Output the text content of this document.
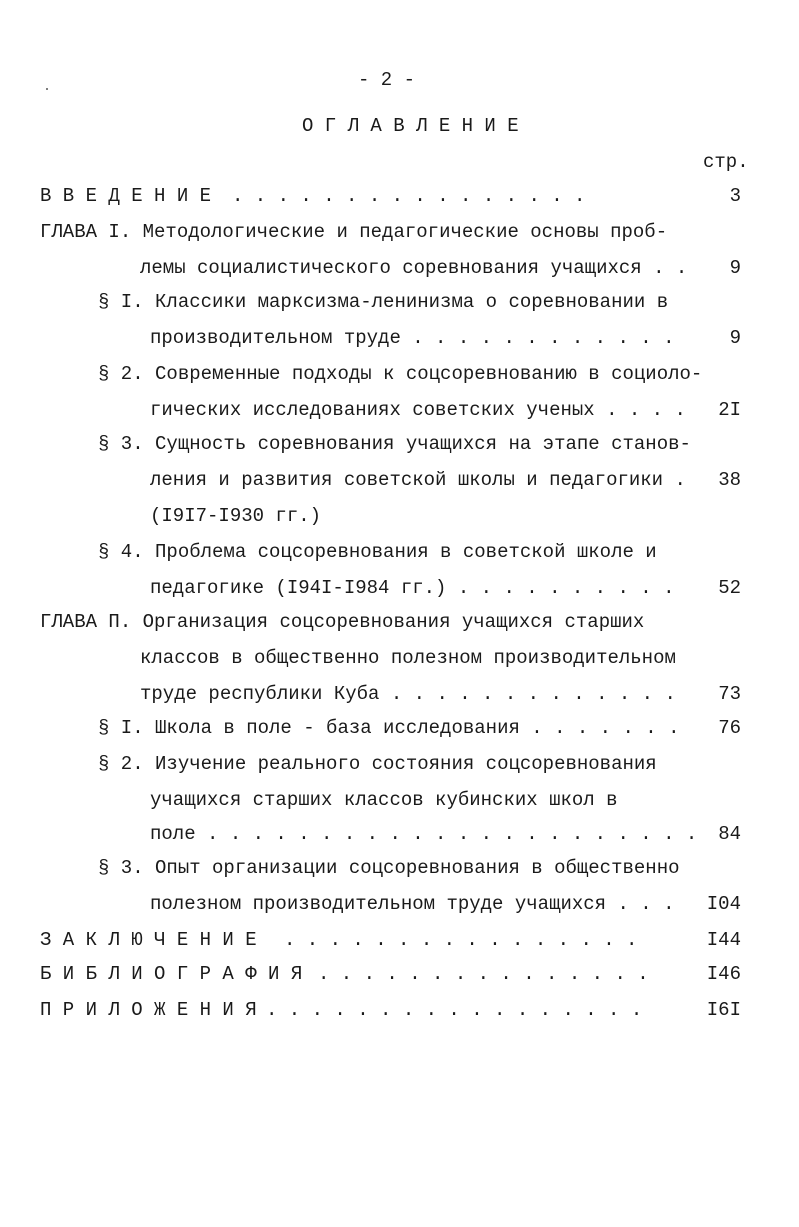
- 2 -
О Г Л А В Л Е Н И Е
стр.
В В Е Д Е Н И Е . . . . . . . . . . . . . . . .	3
ГЛАВА I. Методологические и педагогические основы проб-
лемы социалистического соревнования учащихся . .	9
§ I. Классики марксизма-ленинизма о соревновании в
производительном труде . . . . . . . . . . . .	9
§ 2. Современные подходы к соцсоревнованию в социоло-
гических исследованиях советских ученых . . . .	2I
§ 3. Сущность соревнования учащихся на этапе станов-
ления и развития советской школы и педагогики .	38
(I9I7-I930 гг.)
§ 4. Проблема соцсоревнования в советской школе и
педагогике (I94I-I984 гг.) . . . . . . . . . .	52
ГЛАВА П. Организация соцсоревнования учащихся старших
классов в общественно полезном производительном
труде республики Куба . . . . . . . . . . . . .	73
§ I. Школа в поле - база исследования . . . . . . .	76
§ 2. Изучение реального состояния соцсоревнования
учащихся старших классов кубинских школ в
поле . . . . . . . . . . . . . . . . . . . . . .	84
§ 3. Опыт организации соцсоревнования в общественно
полезном производительном труде учащихся . . .	I04
З А К Л Ю Ч Е Н И Е . . . . . . . . . . . . . . . .	I44
Б И Б Л И О Г Р А Ф И Я . . . . . . . . . . . . . . .	I46
П Р И Л О Ж Е Н И Я . . . . . . . . . . . . . . . . .	I6I
